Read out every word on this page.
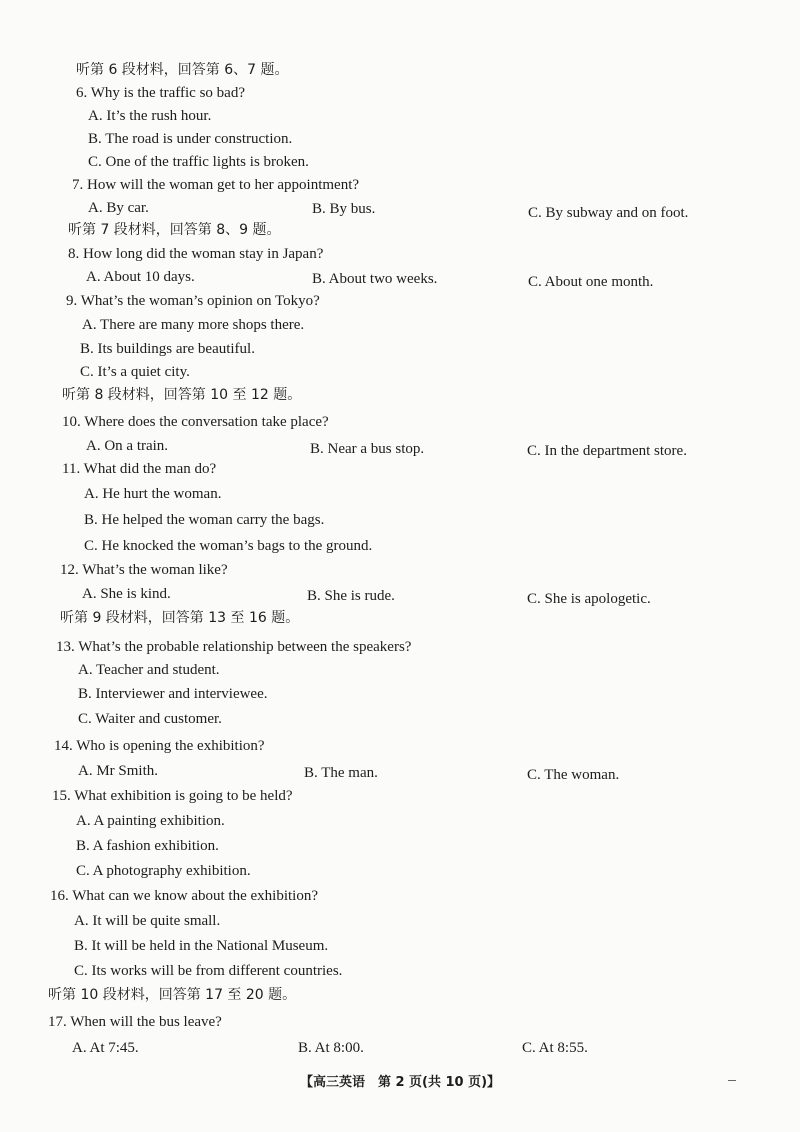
听第 6 段材料，回答第 6、7 题。
6. Why is the traffic so bad?
A. It’s the rush hour.
B. The road is under construction.
C. One of the traffic lights is broken.
7. How will the woman get to her appointment?
A. By car.	B. By bus.	C. By subway and on foot.
听第 7 段材料，回答第 8、9 题。
8. How long did the woman stay in Japan?
A. About 10 days.	B. About two weeks.	C. About one month.
9. What’s the woman’s opinion on Tokyo?
A. There are many more shops there.
B. Its buildings are beautiful.
C. It’s a quiet city.
听第 8 段材料，回答第 10 至 12 题。
10. Where does the conversation take place?
A. On a train.	B. Near a bus stop.	C. In the department store.
11. What did the man do?
A. He hurt the woman.
B. He helped the woman carry the bags.
C. He knocked the woman’s bags to the ground.
12. What’s the woman like?
A. She is kind.	B. She is rude.	C. She is apologetic.
听第 9 段材料，回答第 13 至 16 题。
13. What’s the probable relationship between the speakers?
A. Teacher and student.
B. Interviewer and interviewee.
C. Waiter and customer.
14. Who is opening the exhibition?
A. Mr Smith.	B. The man.	C. The woman.
15. What exhibition is going to be held?
A. A painting exhibition.
B. A fashion exhibition.
C. A photography exhibition.
16. What can we know about the exhibition?
A. It will be quite small.
B. It will be held in the National Museum.
C. Its works will be from different countries.
听第 10 段材料，回答第 17 至 20 题。
17. When will the bus leave?
A. At 7:45.	B. At 8:00.	C. At 8:55.
【高三英语　第 2 页(共 10 页)】
